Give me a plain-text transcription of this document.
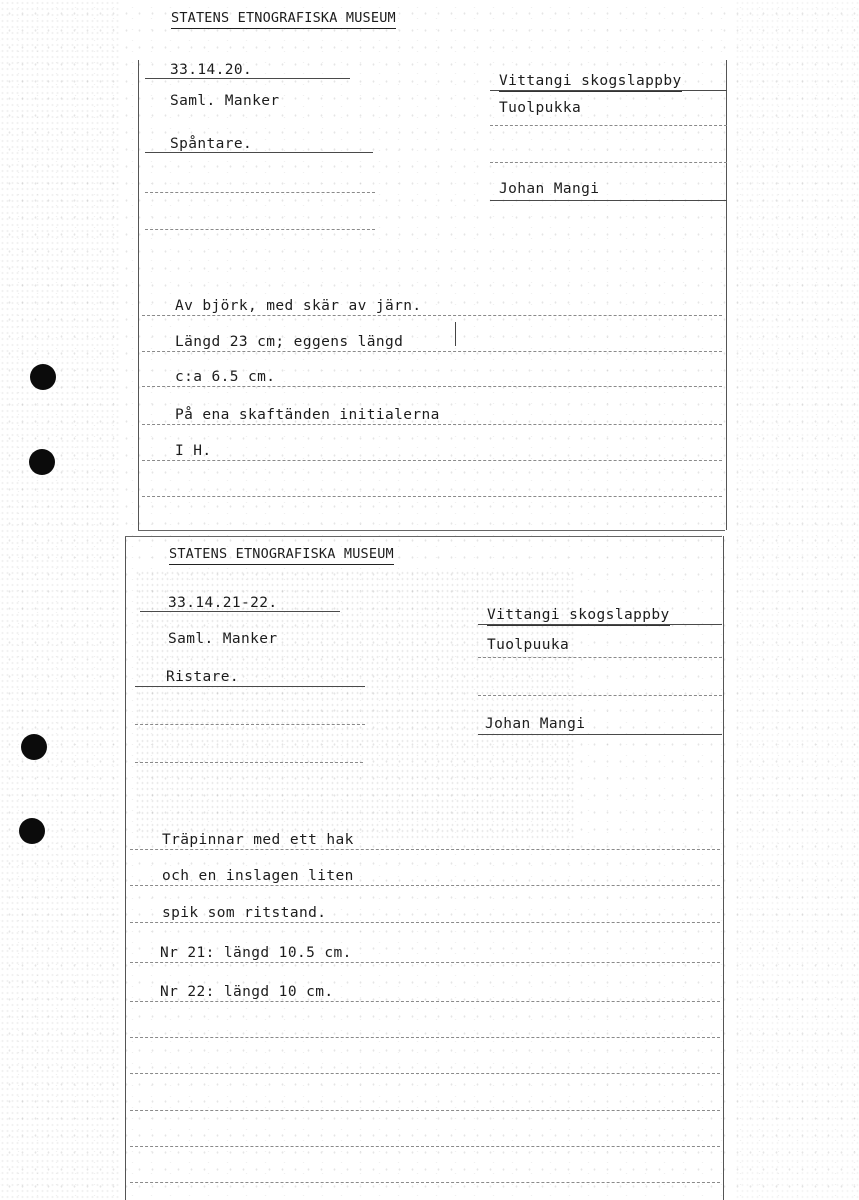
STATENS ETNOGRAFISKA MUSEUM
33.14.20.
Saml. Manker
Spåntare.
Vittangi skogslappby
Tuolpukka
Johan Mangi
Av björk, med skär av järn.
Längd 23 cm; eggens längd
c:a 6.5 cm.
På ena skaftänden initialerna
I H.
STATENS ETNOGRAFISKA MUSEUM
33.14.21-22.
Saml. Manker
Ristare.
Vittangi skogslappby
Tuolpuuka
Johan Mangi
Träpinnar med ett hak
och en inslagen liten
spik som ritstand.
Nr 21: längd 10.5 cm.
Nr 22: längd 10 cm.
